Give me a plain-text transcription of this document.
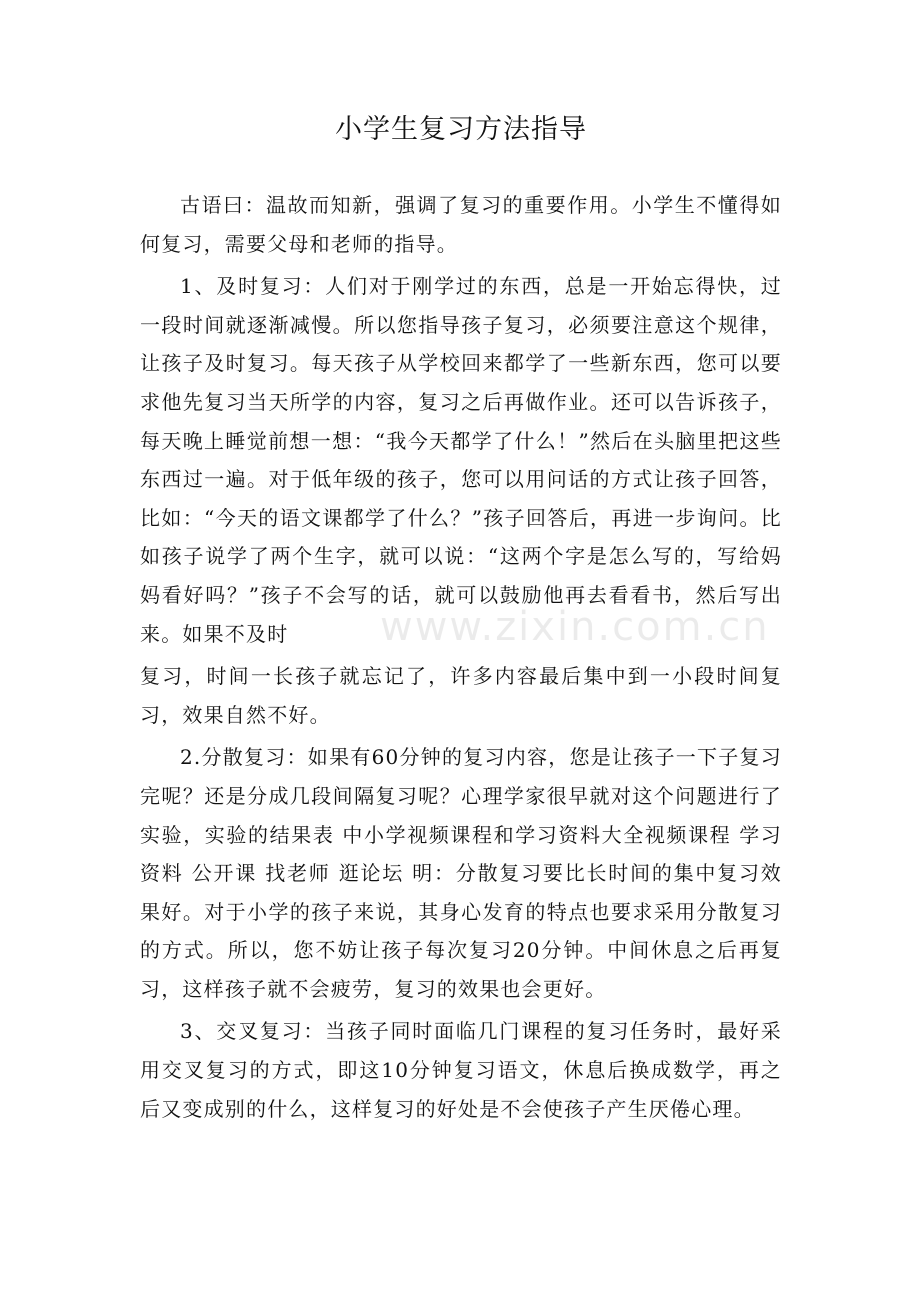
小学生复习方法指导

古语曰：温故而知新，强调了复习的重要作用。小学生不懂得如何复习，需要父母和老师的指导。

1、及时复习：人们对于刚学过的东西，总是一开始忘得快，过一段时间就逐渐减慢。所以您指导孩子复习，必须要注意这个规律，让孩子及时复习。每天孩子从学校回来都学了一些新东西，您可以要求他先复习当天所学的内容，复习之后再做作业。还可以告诉孩子，每天晚上睡觉前想一想：“我今天都学了什么！”然后在头脑里把这些东西过一遍。对于低年级的孩子，您可以用问话的方式让孩子回答，比如：“今天的语文课都学了什么？”孩子回答后，再进一步询问。比如孩子说学了两个生字，就可以说：“这两个字是怎么写的，写给妈妈看好吗？”孩子不会写的话，就可以鼓励他再去看看书，然后写出来。如果不及时

复习，时间一长孩子就忘记了，许多内容最后集中到一小段时间复习，效果自然不好。

2.分散复习：如果有60分钟的复习内容，您是让孩子一下子复习完呢？还是分成几段间隔复习呢？心理学家很早就对这个问题进行了实验，实验的结果表 中小学视频课程和学习资料大全视频课程 学习资料 公开课 找老师 逛论坛 明：分散复习要比长时间的集中复习效果好。对于小学的孩子来说，其身心发育的特点也要求采用分散复习的方式。所以，您不妨让孩子每次复习20分钟。中间休息之后再复习，这样孩子就不会疲劳，复习的效果也会更好。

3、交叉复习：当孩子同时面临几门课程的复习任务时，最好采用交叉复习的方式，即这10分钟复习语文，休息后换成数学，再之后又变成别的什么，这样复习的好处是不会使孩子产生厌倦心理。

www.zixin.com.cn
